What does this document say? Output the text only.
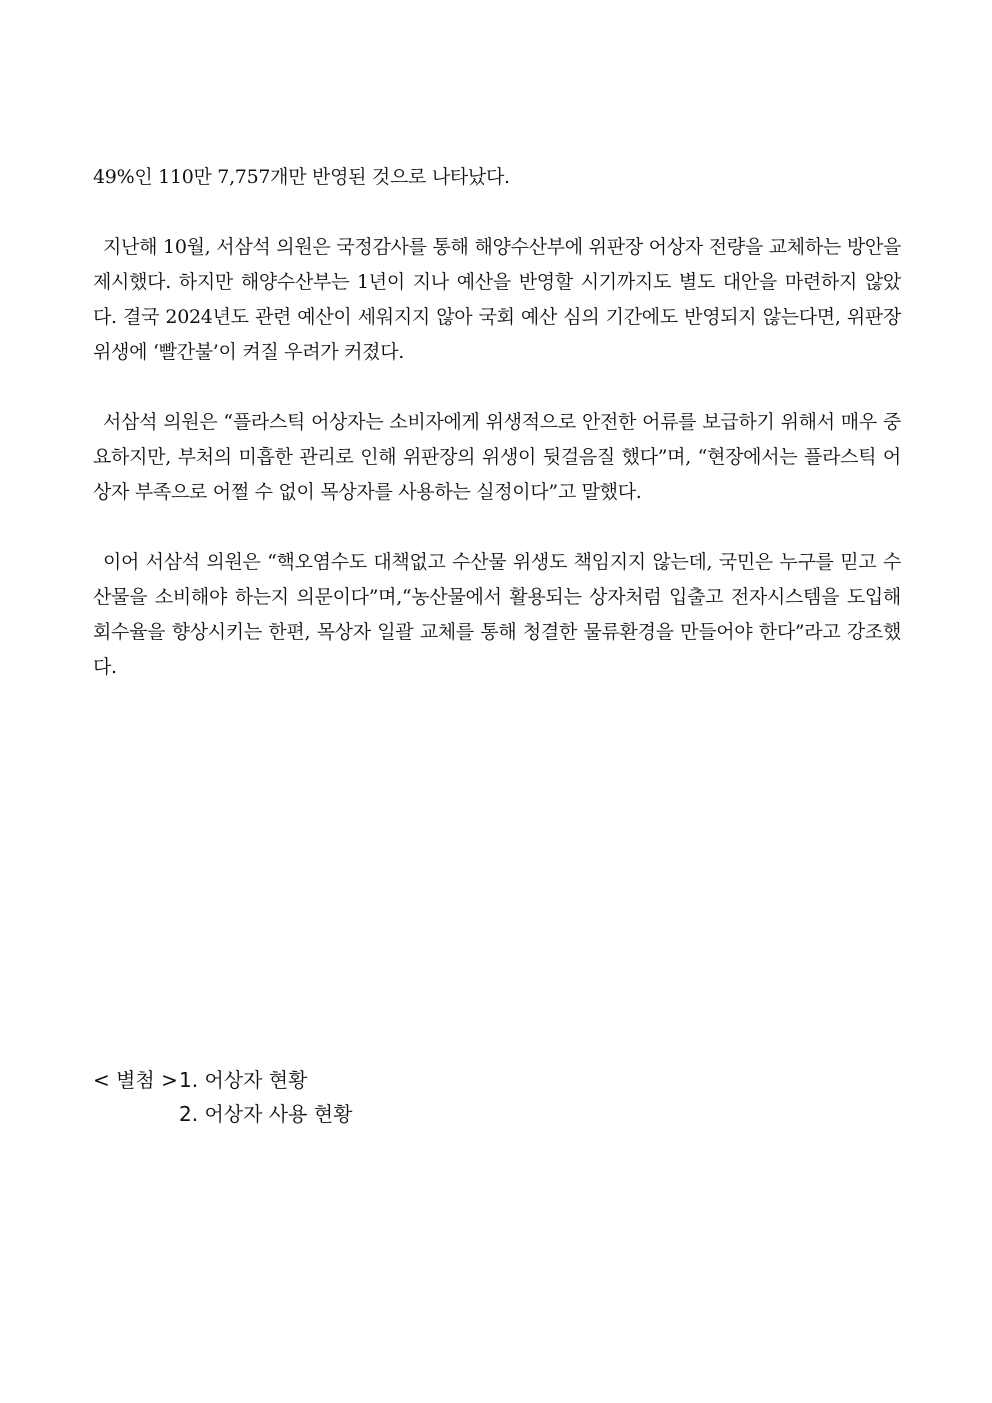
49%인 110만 7,757개만 반영된 것으로 나타났다.

지난해 10월, 서삼석 의원은 국정감사를 통해 해양수산부에 위판장 어상자 전량을 교체하는 방안을 제시했다. 하지만 해양수산부는 1년이 지나 예산을 반영할 시기까지도 별도 대안을 마련하지 않았다. 결국 2024년도 관련 예산이 세워지지 않아 국회 예산 심의 기간에도 반영되지 않는다면, 위판장 위생에 ‘빨간불’이 켜질 우려가 커졌다.

서삼석 의원은 “플라스틱 어상자는 소비자에게 위생적으로 안전한 어류를 보급하기 위해서 매우 중요하지만, 부처의 미흡한 관리로 인해 위판장의 위생이 뒷걸음질 했다”며, “현장에서는 플라스틱 어상자 부족으로 어쩔 수 없이 목상자를 사용하는 실정이다”고 말했다.

이어 서삼석 의원은 “핵오염수도 대책없고 수산물 위생도 책임지지 않는데, 국민은 누구를 믿고 수산물을 소비해야 하는지 의문이다”며,“농산물에서 활용되는 상자처럼 입출고 전자시스템을 도입해 회수율을 향상시키는 한편, 목상자 일괄 교체를 통해 청결한 물류환경을 만들어야 한다”라고 강조했다.

< 별첨 > 1. 어상자 현황
2. 어상자 사용 현황
